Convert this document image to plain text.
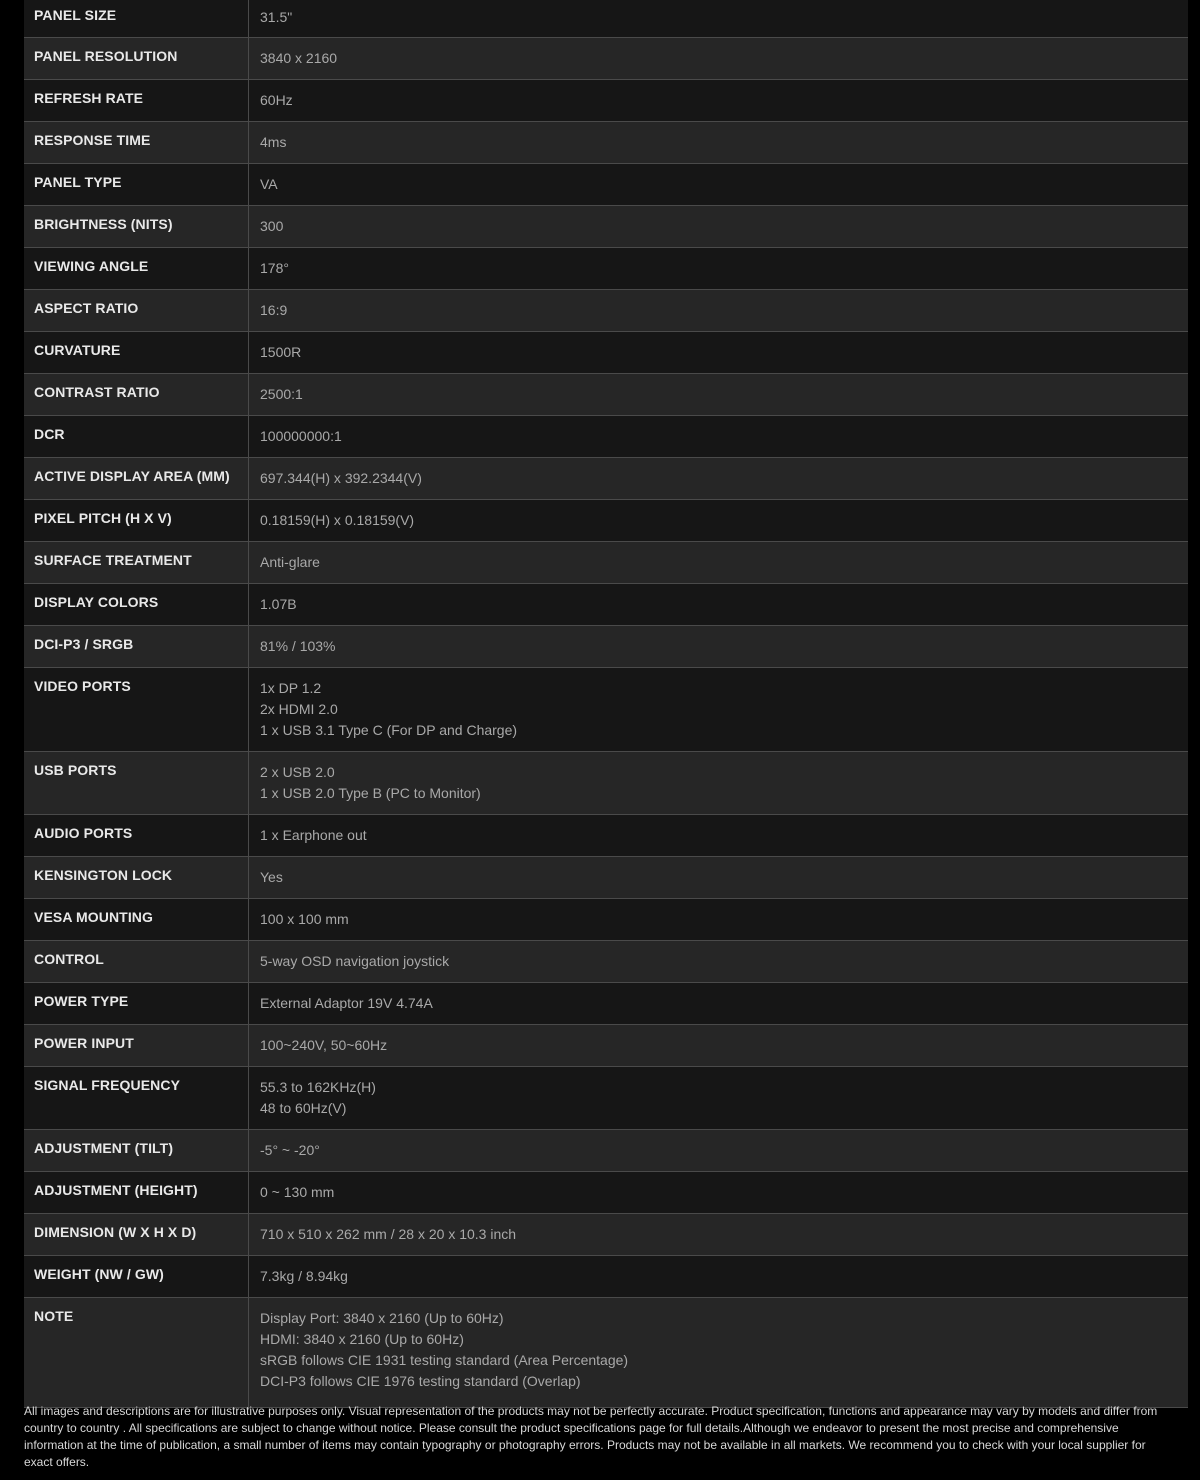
PANEL SIZE	31.5"
PANEL RESOLUTION	3840 x 2160
REFRESH RATE	60Hz
RESPONSE TIME	4ms
PANEL TYPE	VA
BRIGHTNESS (NITS)	300
VIEWING ANGLE	178°
ASPECT RATIO	16:9
CURVATURE	1500R
CONTRAST RATIO	2500:1
DCR	100000000:1
ACTIVE DISPLAY AREA (MM)	697.344(H) x 392.2344(V)
PIXEL PITCH (H X V)	0.18159(H) x 0.18159(V)
SURFACE TREATMENT	Anti-glare
DISPLAY COLORS	1.07B
DCI-P3 / SRGB	81% / 103%
VIDEO PORTS	1x DP 1.2
2x HDMI 2.0
1 x USB 3.1 Type C (For DP and Charge)
USB PORTS	2 x USB 2.0
1 x USB 2.0 Type B (PC to Monitor)
AUDIO PORTS	1 x Earphone out
KENSINGTON LOCK	Yes
VESA MOUNTING	100 x 100 mm
CONTROL	5-way OSD navigation joystick
POWER TYPE	External Adaptor 19V 4.74A
POWER INPUT	100~240V, 50~60Hz
SIGNAL FREQUENCY	55.3 to 162KHz(H)
48 to 60Hz(V)
ADJUSTMENT (TILT)	-5° ~ -20°
ADJUSTMENT (HEIGHT)	0 ~ 130 mm
DIMENSION (W X H X D)	710 x 510 x 262 mm / 28 x 20 x 10.3 inch
WEIGHT (NW / GW)	7.3kg / 8.94kg
NOTE	Display Port: 3840 x 2160 (Up to 60Hz)
HDMI: 3840 x 2160 (Up to 60Hz)
sRGB follows CIE 1931 testing standard (Area Percentage)
DCI-P3 follows CIE 1976 testing standard (Overlap)
All images and descriptions are for illustrative purposes only. Visual representation of the products may not be perfectly accurate. Product specification, functions and appearance may vary by models and differ from country to country . All specifications are subject to change without notice. Please consult the product specifications page for full details.Although we endeavor to present the most precise and comprehensive information at the time of publication, a small number of items may contain typography or photography errors. Products may not be available in all markets. We recommend you to check with your local supplier for exact offers.
